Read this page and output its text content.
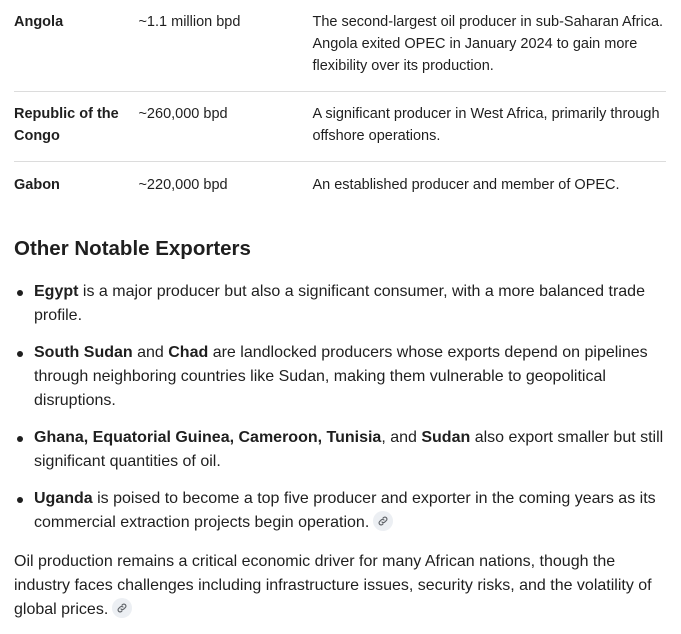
Angola	~1.1 million bpd	The second-largest oil producer in sub-Saharan Africa. Angola exited OPEC in January 2024 to gain more flexibility over its production.
Republic of the Congo	~260,000 bpd	A significant producer in West Africa, primarily through offshore operations.
Gabon	~220,000 bpd	An established producer and member of OPEC.
Other Notable Exporters
Egypt is a major producer but also a significant consumer, with a more balanced trade profile.
South Sudan and Chad are landlocked producers whose exports depend on pipelines through neighboring countries like Sudan, making them vulnerable to geopolitical disruptions.
Ghana, Equatorial Guinea, Cameroon, Tunisia, and Sudan also export smaller but still significant quantities of oil.
Uganda is poised to become a top five producer and exporter in the coming years as its commercial extraction projects begin operation.

Oil production remains a critical economic driver for many African nations, though the industry faces challenges including infrastructure issues, security risks, and the volatility of global prices.
